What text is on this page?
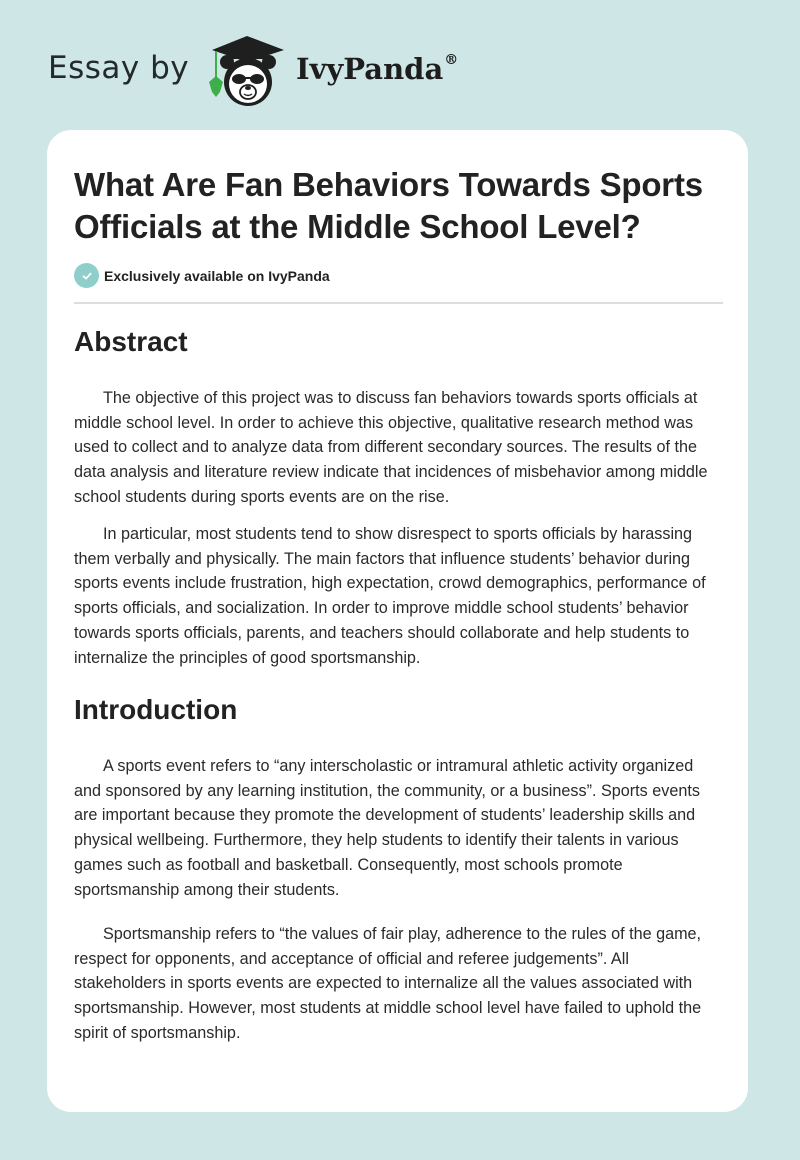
Essay by	IvyPanda®
What Are Fan Behaviors Towards Sports Officials at the Middle School Level?
Exclusively available on IvyPanda
Abstract

The objective of this project was to discuss fan behaviors towards sports officials at middle school level. In order to achieve this objective, qualitative research method was used to collect and to analyze data from different secondary sources. The results of the data analysis and literature review indicate that incidences of misbehavior among middle school students during sports events are on the rise.

In particular, most students tend to show disrespect to sports officials by harassing them verbally and physically. The main factors that influence students’ behavior during sports events include frustration, high expectation, crowd demographics, performance of sports officials, and socialization. In order to improve middle school students’ behavior towards sports officials, parents, and teachers should collaborate and help students to internalize the principles of good sportsmanship.

Introduction

A sports event refers to “any interscholastic or intramural athletic activity organized and sponsored by any learning institution, the community, or a business”. Sports events are important because they promote the development of students’ leadership skills and physical wellbeing. Furthermore, they help students to identify their talents in various games such as football and basketball. Consequently, most schools promote sportsmanship among their students.

Sportsmanship refers to “the values of fair play, adherence to the rules of the game, respect for opponents, and acceptance of official and referee judgements”. All stakeholders in sports events are expected to internalize all the values associated with sportsmanship. However, most students at middle school level have failed to uphold the spirit of sportsmanship.
